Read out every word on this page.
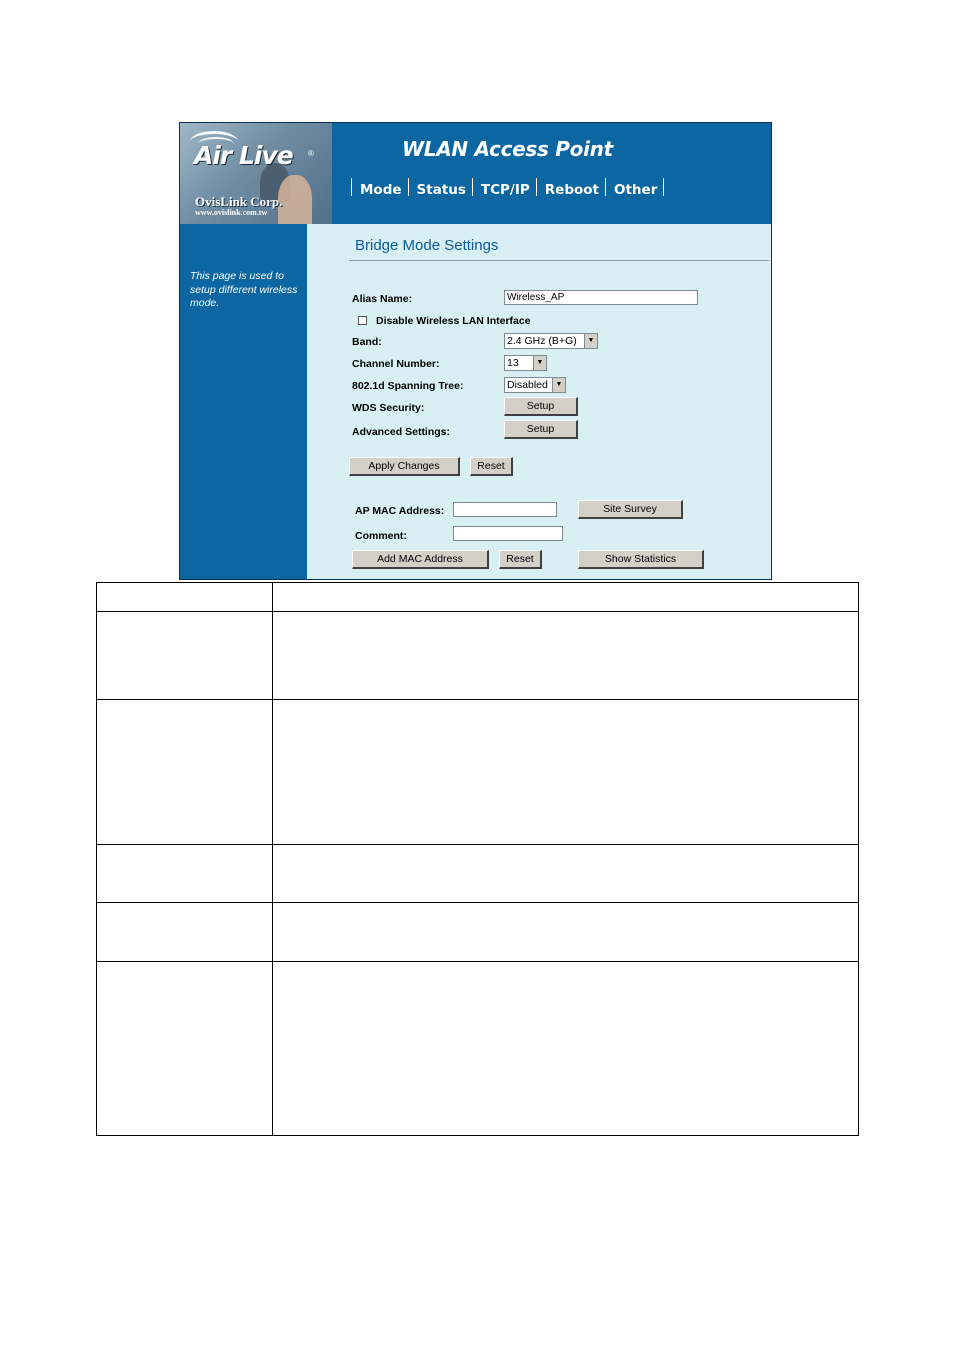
Air Live ®
OvisLink Corp.
www.ovislink.com.tw
WLAN Access Point
Mode	Status	TCP/IP	Reboot	Other
This page is used to setup different wireless mode.
Bridge Mode Settings
Alias Name:	Wireless_AP
Disable Wireless LAN Interface
Band:	2.4 GHz (B+G)	▼
Channel Number:	13	▼
802.1d Spanning Tree:	Disabled	▼
WDS Security:	Setup
Advanced Settings:	Setup
Apply Changes	Reset
AP MAC Address:	Site Survey
Comment:
Add MAC Address	Reset	Show Statistics
